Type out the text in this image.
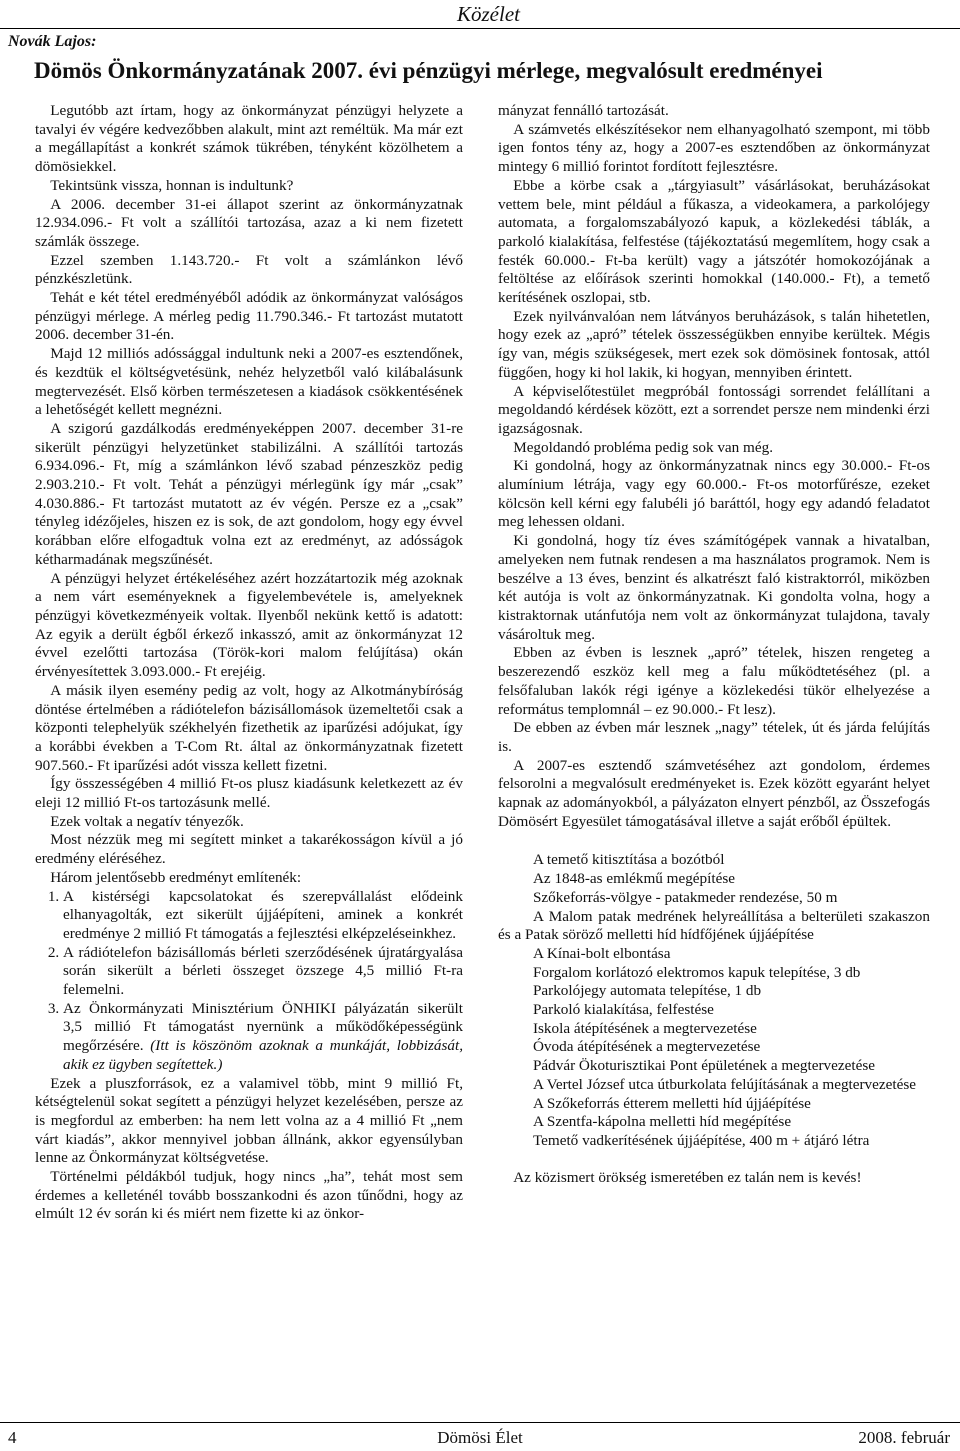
Közélet
Novák Lajos:
Dömös Önkormányzatának 2007. évi pénzügyi mérlege, megvalósult eredményei

Legutóbb azt írtam, hogy az önkormányzat pénzügyi helyzete a tavalyi év végére kedvezőbben alakult, mint azt reméltük. Ma már ezt a megállapítást a konkrét számok tükrében, tényként közölhetem a dömösiekkel.

Tekintsünk vissza, honnan is indultunk?

A 2006. december 31-ei állapot szerint az önkormányzatnak 12.934.096.- Ft volt a szállítói tartozása, azaz a ki nem fizetett számlák összege.

Ezzel szemben 1.143.720.- Ft volt a számlánkon lévő pénzkészletünk.

Tehát e két tétel eredményéből adódik az önkormányzat valóságos pénzügyi mérlege. A mérleg pedig 11.790.346.- Ft tartozást mutatott 2006. december 31-én.

Majd 12 milliós adóssággal indultunk neki a 2007-es esztendőnek, és kezdtük el költségvetésünk, nehéz helyzetből való kilábalásunk megtervezését. Első körben természetesen a kiadások csökkentésének a lehetőségét kellett megnézni.

A szigorú gazdálkodás eredményeképpen 2007. december 31-re sikerült pénzügyi helyzetünket stabilizálni. A szállítói tartozás 6.934.096.- Ft, míg a számlánkon lévő szabad pénzeszköz pedig 2.903.210.- Ft volt. Tehát a pénzügyi mérlegünk így már „csak” 4.030.886.- Ft tartozást mutatott az év végén. Persze ez a „csak” tényleg idézőjeles, hiszen ez is sok, de azt gondolom, hogy egy évvel korábban előre elfogadtuk volna ezt az eredményt, az adósságok kétharmadának megszűnését.

A pénzügyi helyzet értékeléséhez azért hozzátartozik még azoknak a nem várt eseményeknek a figyelembevétele is, amelyeknek pénzügyi következményeik voltak. Ilyenből nekünk kettő is adatott: Az egyik a derült égből érkező inkasszó, amit az önkormányzat 12 évvel ezelőtti tartozása (Török-kori malom felújítása) okán érvényesítettek 3.093.000.- Ft erejéig.

A másik ilyen esemény pedig az volt, hogy az Alkotmánybíróság döntése értelmében a rádiótelefon bázisállomások üzemeltetői csak a központi telephelyük székhelyén fizethetik az iparűzési adójukat, így a korábbi években a T-Com Rt. által az önkormányzatnak fizetett 907.560.- Ft iparűzési adót vissza kellett fizetni.

Így összességében 4 millió Ft-os plusz kiadásunk keletkezett az év eleji 12 millió Ft-os tartozásunk mellé.

Ezek voltak a negatív tényezők.

Most nézzük meg mi segített minket a takarékosságon kívül a jó eredmény eléréséhez.

Három jelentősebb eredményt említenék:

1. A kistérségi kapcsolatokat és szerepvállalást elődeink elhanyagolták, ezt sikerült újjáépíteni, aminek a konkrét eredménye 2 millió Ft támogatás a fejlesztési elképzeléseinkhez.
2. A rádiótelefon bázisállomás bérleti szerződésének újratárgyalása során sikerült a bérleti összeget özszege 4,5 millió Ft-ra felemelni.
3. Az Önkormányzati Minisztérium ÖNHIKI pályázatán sikerült 3,5 millió Ft támogatást nyernünk a működőképességünk megőrzésére. (Itt is köszönöm azoknak a munkáját, lobbizását, akik ez ügyben segítettek.)

Ezek a pluszforrások, ez a valamivel több, mint 9 millió Ft, kétségtelenül sokat segített a pénzügyi helyzet kezelésében, persze az is megfordul az emberben: ha nem lett volna az a 4 millió Ft „nem várt kiadás”, akkor mennyivel jobban állnánk, akkor egyensúlyban lenne az Önkormányzat költségvetése.

Történelmi példákból tudjuk, hogy nincs „ha”, tehát most sem érdemes a kelleténél tovább bosszankodni és azon tűnődni, hogy az elmúlt 12 év során ki és miért nem fizette ki az önkor-

mányzat fennálló tartozását.

A számvetés elkészítésekor nem elhanyagolható szempont, mi több igen fontos tény az, hogy a 2007-es esztendőben az önkormányzat mintegy 6 millió forintot fordított fejlesztésre.

Ebbe a körbe csak a „tárgyiasult” vásárlásokat, beruházásokat vettem bele, mint például a fűkasza, a videokamera, a parkolójegy automata, a forgalomszabályozó kapuk, a közlekedési táblák, a parkoló kialakítása, felfestése (tájékoztatású megemlítem, hogy csak a festék 60.000.- Ft-ba került) vagy a játszótér homokozójának a feltöltése az előírások szerinti homokkal (140.000.- Ft), a temető kerítésének oszlopai, stb.

Ezek nyilvánvalóan nem látványos beruházások, s talán hihetetlen, hogy ezek az „apró” tételek összességükben ennyibe kerültek. Mégis így van, mégis szükségesek, mert ezek sok dömösinek fontosak, attól függően, hogy ki hol lakik, ki hogyan, mennyiben érintett.

A képviselőtestület megpróbál fontossági sorrendet felállítani a megoldandó kérdések között, ezt a sorrendet persze nem mindenki érzi igazságosnak.

Megoldandó probléma pedig sok van még.

Ki gondolná, hogy az önkormányzatnak nincs egy 30.000.- Ft-os alumínium létrája, vagy egy 60.000.- Ft-os motorfűrésze, ezeket kölcsön kell kérni egy falubéli jó baráttól, hogy egy adandó feladatot meg lehessen oldani.

Ki gondolná, hogy tíz éves számítógépek vannak a hivatalban, amelyeken nem futnak rendesen a ma használatos programok. Nem is beszélve a 13 éves, benzint és alkatrészt faló kistraktorról, miközben két autója is volt az önkormányzatnak. Ki gondolta volna, hogy a kistraktornak utánfutója nem volt az önkormányzat tulajdona, tavaly vásároltuk meg.

Ebben az évben is lesznek „apró” tételek, hiszen rengeteg a beszerezendő eszköz kell meg a falu működtetéséhez (pl. a felsőfaluban lakók régi igénye a közlekedési tükör elhelyezése a református templomnál – ez 90.000.- Ft lesz).

De ebben az évben már lesznek „nagy” tételek, út és járda felújítás is.

A 2007-es esztendő számvetéséhez azt gondolom, érdemes felsorolni a megvalósult eredményeket is. Ezek között egyaránt helyet kapnak az adományokból, a pályázaton elnyert pénzből, az Összefogás Dömösért Egyesület támogatásával illetve a saját erőből épültek.

A temető kitisztítása a bozótból

Az 1848-as emlékmű megépítése

Szőkeforrás-völgye - patakmeder rendezése, 50 m

A Malom patak medrének helyreállítása a belterületi szakaszon és a Patak söröző melletti híd hídfőjének újjáépítése

A Kínai-bolt elbontása

Forgalom korlátozó elektromos kapuk telepítése, 3 db

Parkolójegy automata telepítése, 1 db

Parkoló kialakítása, felfestése

Iskola átépítésének a megtervezetése

Óvoda átépítésének a megtervezetése

Pádvár Ökoturisztikai Pont épületének a megtervezetése

A Vertel József utca útburkolata felújításának a megtervezetése

A Szőkeforrás étterem melletti híd újjáépítése

A Szentfa-kápolna melletti híd megépítése

Temető vadkerítésének újjáépítése, 400 m + átjáró létra

Az közismert örökség ismeretében ez talán nem is kevés!

4	Dömösi Élet	2008. február
